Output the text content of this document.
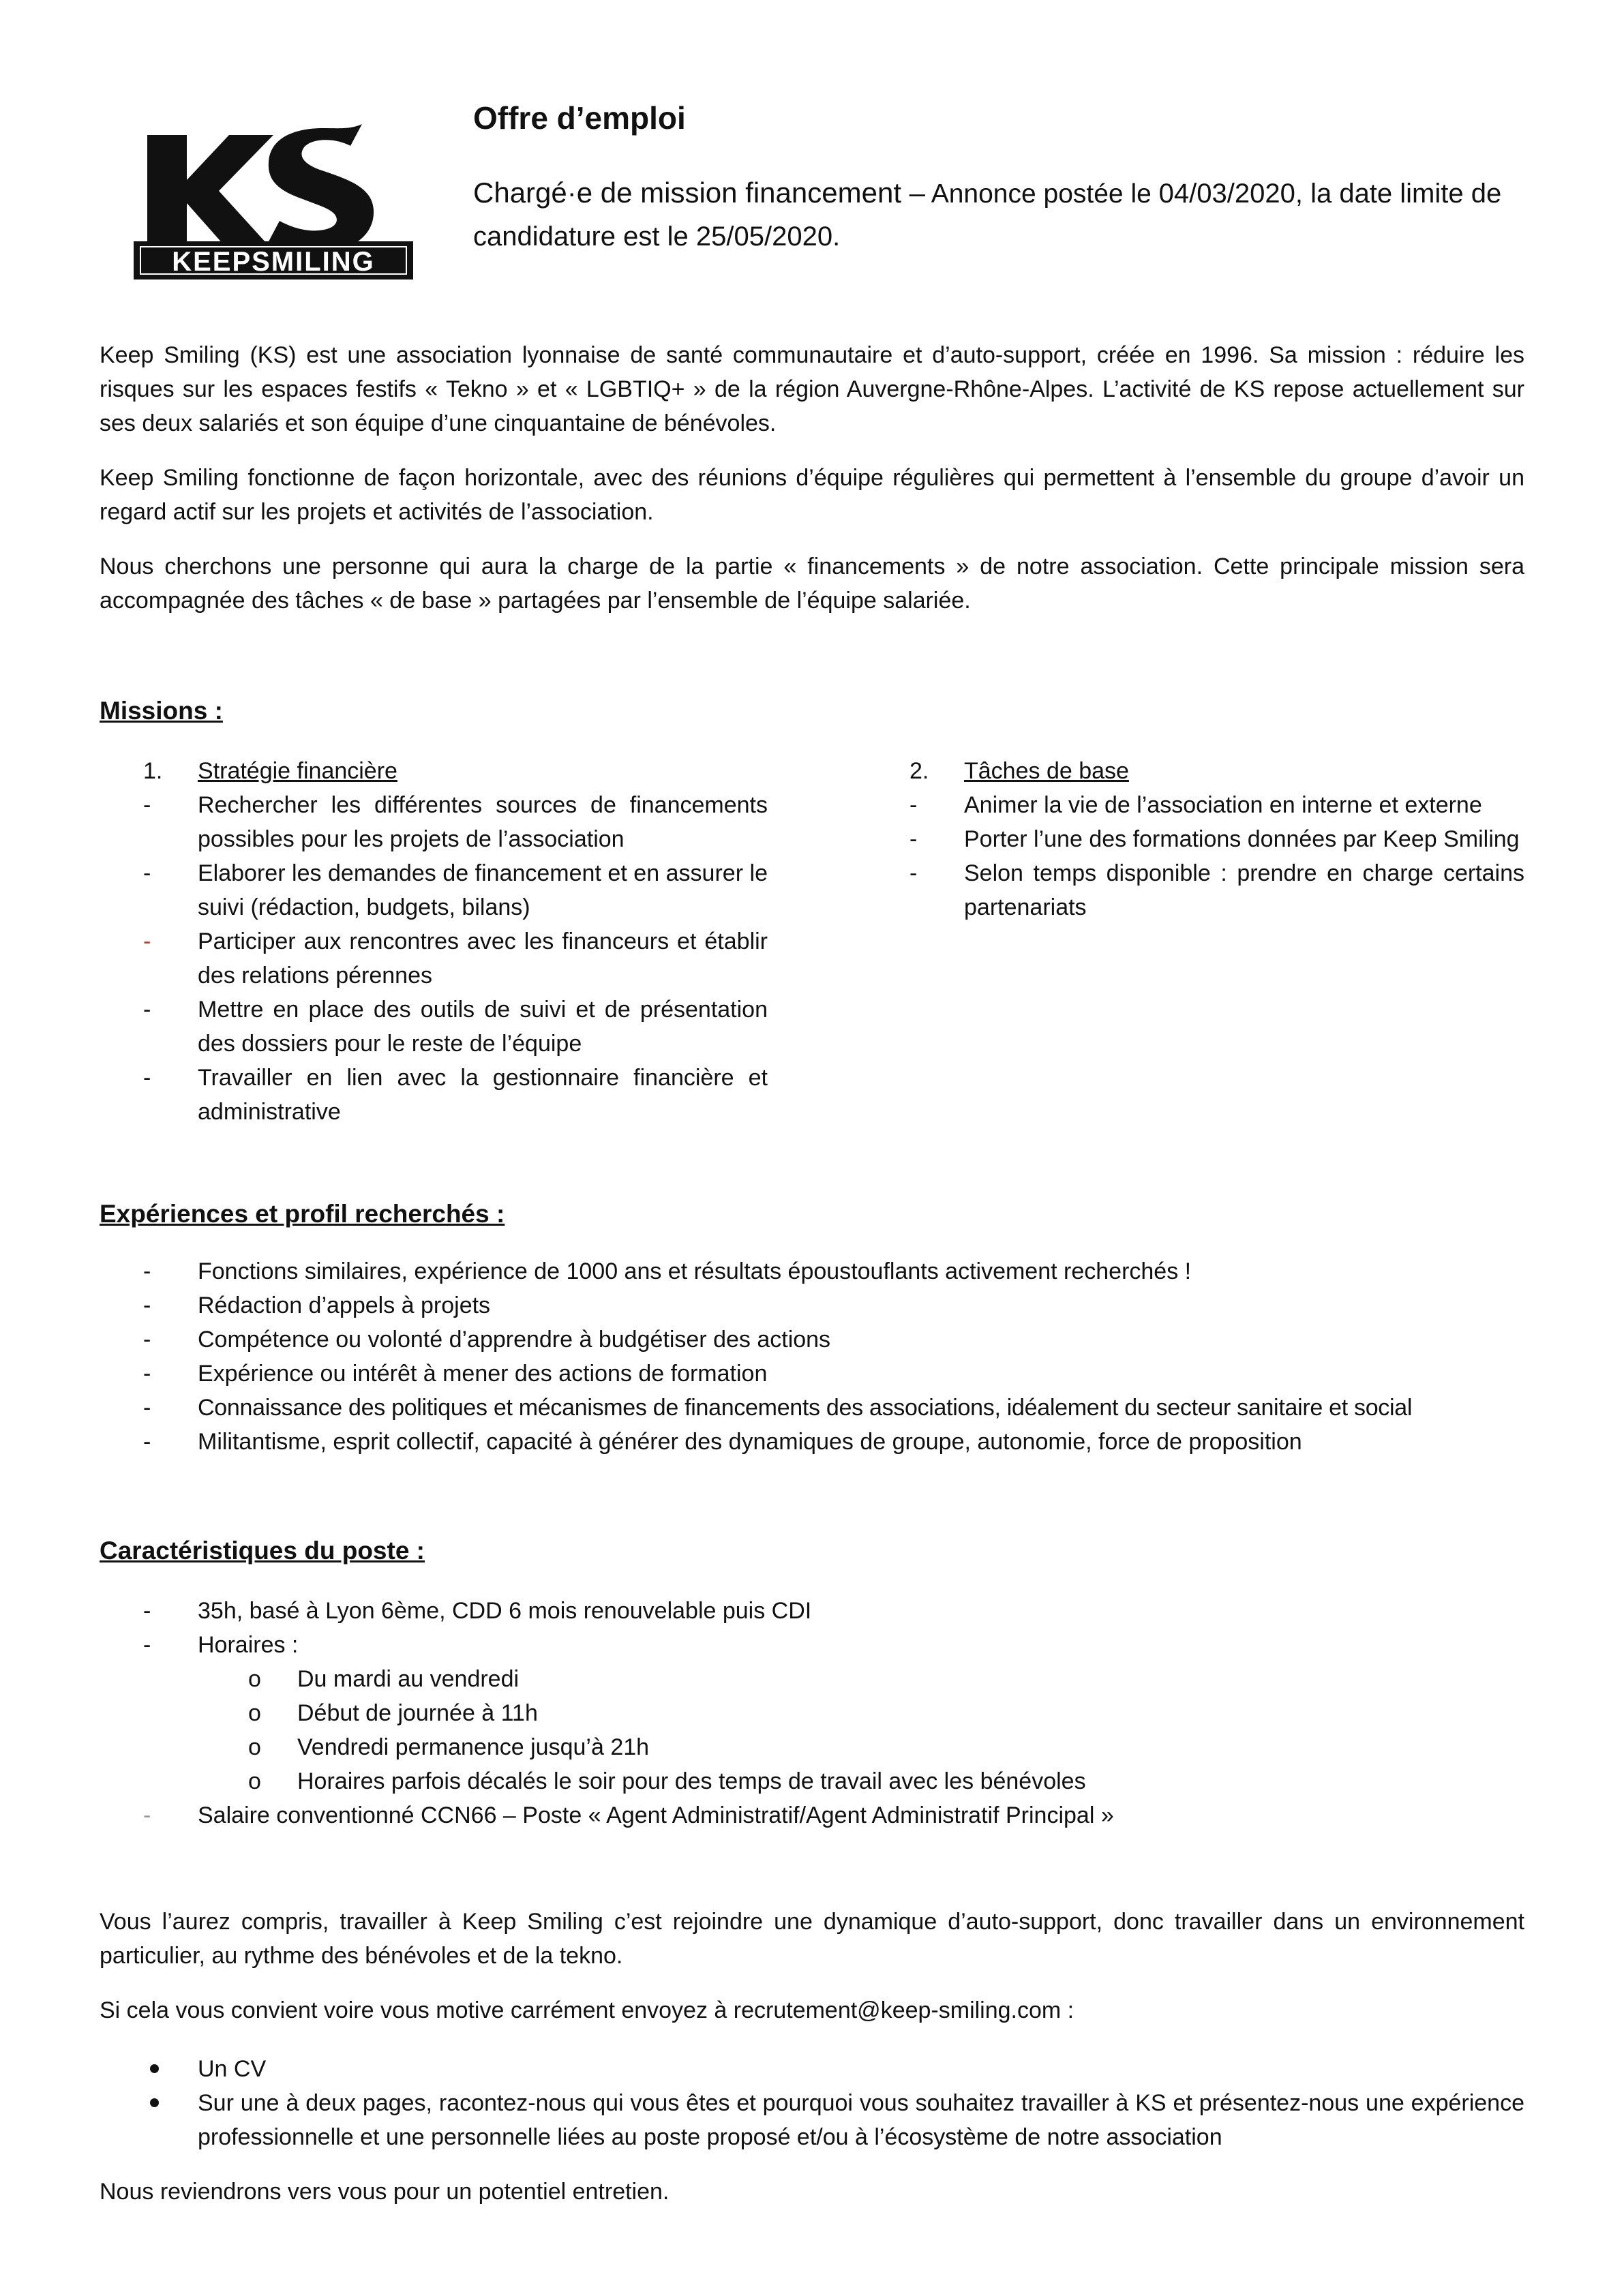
KEEPSMILING
Offre d’emploi
Chargé·e de mission financement – Annonce postée le 04/03/2020, la date limite de candidature est le 25/05/2020.

Keep Smiling (KS) est une association lyonnaise de santé communautaire et d’auto-support, créée en 1996. Sa mission : réduire les risques sur les espaces festifs « Tekno » et « LGBTIQ+ » de la région Auvergne-Rhône-Alpes. L’activité de KS repose actuellement sur ses deux salariés et son équipe d’une cinquantaine de bénévoles.

Keep Smiling fonctionne de façon horizontale, avec des réunions d’équipe régulières qui permettent à l’ensemble du groupe d’avoir un regard actif sur les projets et activités de l’association.

Nous cherchons une personne qui aura la charge de la partie « financements » de notre association. Cette principale mission sera accompagnée des tâches « de base » partagées par l’ensemble de l’équipe salariée.

Missions :
1. Stratégie financière
- Rechercher les différentes sources de financements possibles pour les projets de l’association
- Elaborer les demandes de financement et en assurer le suivi (rédaction, budgets, bilans)
- Participer aux rencontres avec les financeurs et établir des relations pérennes
- Mettre en place des outils de suivi et de présentation des dossiers pour le reste de l’équipe
- Travailler en lien avec la gestionnaire financière et administrative
2. Tâches de base
- Animer la vie de l’association en interne et externe
- Porter l’une des formations données par Keep Smiling
- Selon temps disponible : prendre en charge certains partenariats
Expériences et profil recherchés :
- Fonctions similaires, expérience de 1000 ans et résultats époustouflants activement recherchés !
- Rédaction d’appels à projets
- Compétence ou volonté d’apprendre à budgétiser des actions
- Expérience ou intérêt à mener des actions de formation
- Connaissance des politiques et mécanismes de financements des associations, idéalement du secteur sanitaire et social
- Militantisme, esprit collectif, capacité à générer des dynamiques de groupe, autonomie, force de proposition
Caractéristiques du poste :
- 35h, basé à Lyon 6ème, CDD 6 mois renouvelable puis CDI
- Horaires :
o Du mardi au vendredi
o Début de journée à 11h
o Vendredi permanence jusqu’à 21h
o Horaires parfois décalés le soir pour des temps de travail avec les bénévoles
- Salaire conventionné CCN66 – Poste « Agent Administratif/Agent Administratif Principal »

Vous l’aurez compris, travailler à Keep Smiling c’est rejoindre une dynamique d’auto-support, donc travailler dans un environnement particulier, au rythme des bénévoles et de la tekno.

Si cela vous convient voire vous motive carrément envoyez à recrutement@keep-smiling.com :

Un CV
Sur une à deux pages, racontez-nous qui vous êtes et pourquoi vous souhaitez travailler à KS et présentez-nous une expérience professionnelle et une personnelle liées au poste proposé et/ou à l’écosystème de notre association

Nous reviendrons vers vous pour un potentiel entretien.
